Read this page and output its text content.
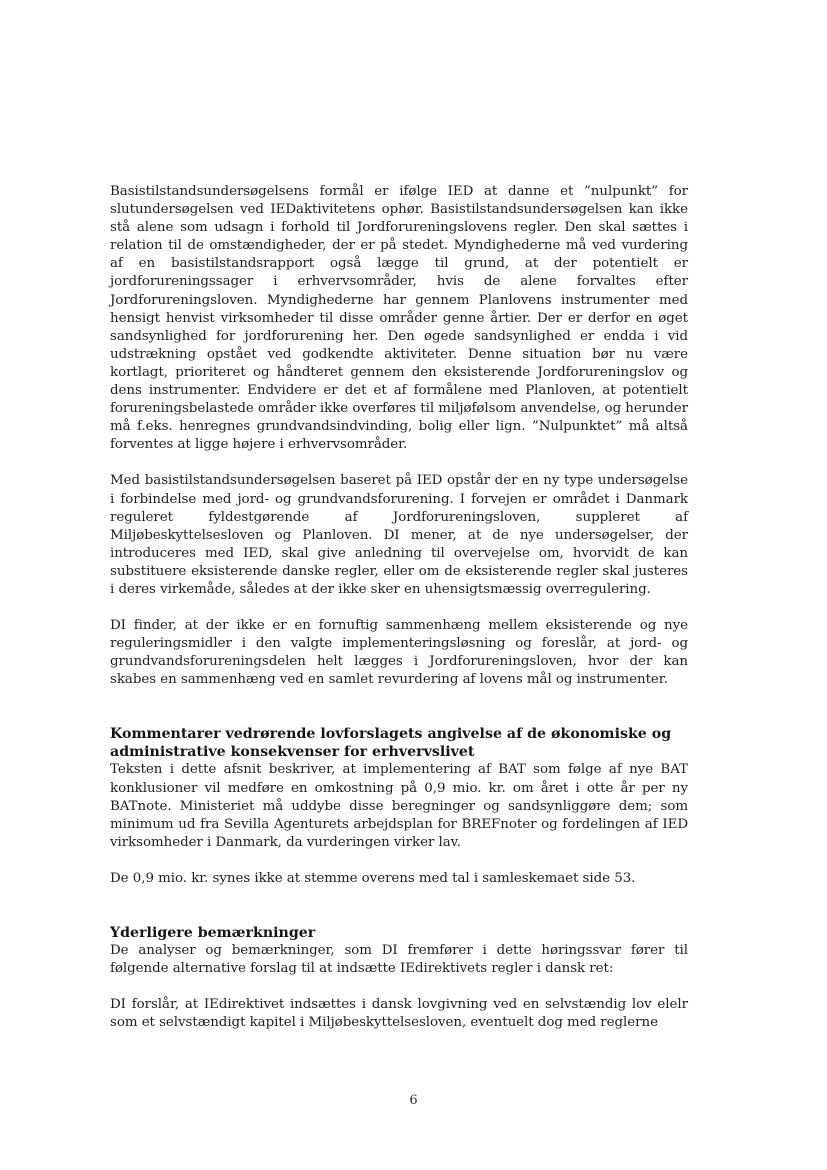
Basistilstandsundersøgelsens formål er ifølge IED at danne et ”nulpunkt” for slutundersøgelsen ved IEDaktivitetens ophør. Basistilstandsundersøgelsen kan ikke stå alene som udsagn i forhold til Jordforureningslovens regler. Den skal sættes i relation til de omstændigheder, der er på stedet. Myndighederne må ved vurdering af en basistilstandsrapport også lægge til grund, at der potentielt er jordforureningssager i erhvervsområder, hvis de alene forvaltes efter Jordforureningsloven. Myndighederne har gennem Planlovens instrumenter med hensigt henvist virksomheder til disse områder genne årtier. Der er derfor en øget sandsynlighed for jordforurening her. Den øgede sandsynlighed er endda i vid udstrækning opstået ved godkendte aktiviteter. Denne situation bør nu være kortlagt, prioriteret og håndteret gennem den eksisterende Jordforureningslov og dens instrumenter. Endvidere er det et af formålene med Planloven, at potentielt forureningsbelastede områder ikke overføres til miljøfølsom anvendelse, og herunder må f.eks. henregnes grundvandsindvinding, bolig eller lign. ”Nulpunktet” må altså forventes at ligge højere i erhvervsområder.

Med basistilstandsundersøgelsen baseret på IED opstår der en ny type undersøgelse i forbindelse med jord- og grundvandsforurening. I forvejen er området i Danmark reguleret fyldestgørende af Jordforureningsloven, suppleret af Miljøbeskyttelsesloven og Planloven. DI mener, at de nye undersøgelser, der introduceres med IED, skal give anledning til overvejelse om, hvorvidt de kan substituere eksisterende danske regler, eller om de eksisterende regler skal justeres i deres virkemåde, således at der ikke sker en uhensigtsmæssig overregulering.

DI finder, at der ikke er en fornuftig sammenhæng mellem eksisterende og nye reguleringsmidler i den valgte implementeringsløsning og foreslår, at jord- og grundvandsforureningsdelen helt lægges i Jordforureningsloven, hvor der kan skabes en sammenhæng ved en samlet revurdering af lovens mål og instrumenter.

Kommentarer vedrørende lovforslagets angivelse af de økonomiske og administrative konsekvenser for erhvervslivet

Teksten i dette afsnit beskriver, at implementering af BAT som følge af nye BAT konklusioner vil medføre en omkostning på 0,9 mio. kr. om året i otte år per ny BATnote. Ministeriet må uddybe disse beregninger og sandsynliggøre dem; som minimum ud fra Sevilla Agenturets arbejdsplan for BREFnoter og fordelingen af IED virksomheder i Danmark, da vurderingen virker lav.

De 0,9 mio. kr. synes ikke at stemme overens med tal i samleskemaet side 53.

Yderligere bemærkninger

De analyser og bemærkninger, som DI fremfører i dette høringssvar fører til følgende alternative forslag til at indsætte IEdirektivets regler i dansk ret:

DI forslår, at IEdirektivet indsættes i dansk lovgivning ved en selvstændig lov elelr som et selvstændigt kapitel i Miljøbeskyttelsesloven, eventuelt dog med reglerne

6
